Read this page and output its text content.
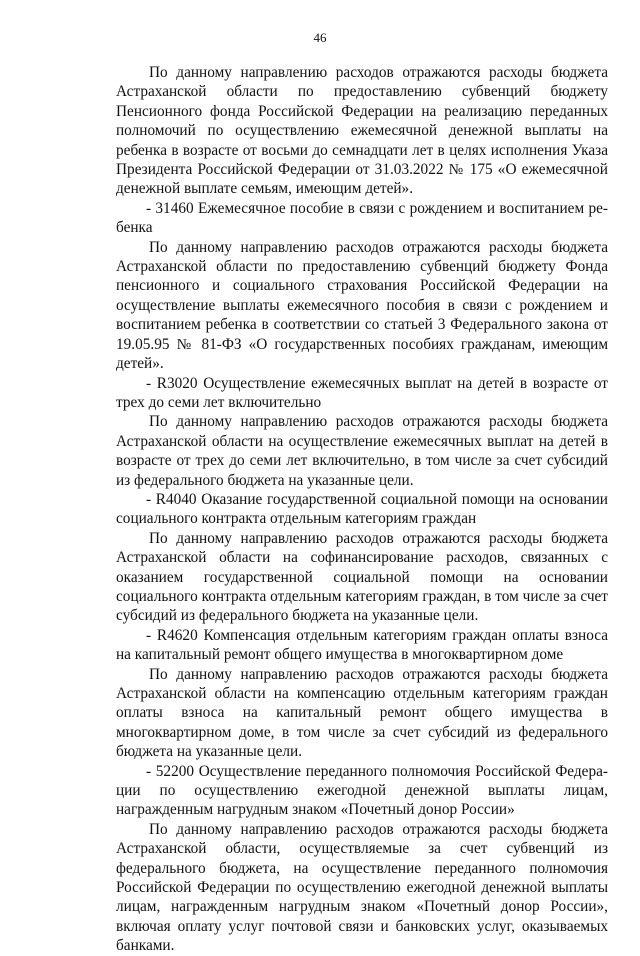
46

По данному направлению расходов отражаются расходы бюджета Астраханской области по предоставлению субвенций бюджету Пенсионного фонда Российской Федерации на реализацию переданных полномочий по осуществлению ежемесячной денежной выплаты на ребенка в возрасте от восьми до семнадцати лет в целях исполнения Указа Президента Российской Федерации от 31.03.2022 № 175 «О ежемесячной денежной выплате семьям, имеющим детей».

- 31460 Ежемесячное пособие в связи с рождением и воспитанием ребенка

По данному направлению расходов отражаются расходы бюджета Астраханской области по предоставлению субвенций бюджету Фонда пенсионного и социального страхования Российской Федерации на осуществление выплаты ежемесячного пособия в связи с рождением и воспитанием ребенка в соответствии со статьей 3 Федерального закона от 19.05.95 № 81-ФЗ «О государственных пособиях гражданам, имеющим детей».

- R3020 Осуществление ежемесячных выплат на детей в возрасте от трех до семи лет включительно

По данному направлению расходов отражаются расходы бюджета Астраханской области на осуществление ежемесячных выплат на детей в возрасте от трех до семи лет включительно, в том числе за счет субсидий из федерального бюджета на указанные цели.

- R4040 Оказание государственной социальной помощи на основании социального контракта отдельным категориям граждан

По данному направлению расходов отражаются расходы бюджета Астраханской области на софинансирование расходов, связанных с оказанием государственной социальной помощи на основании социального контракта отдельным категориям граждан, в том числе за счет субсидий из федерального бюджета на указанные цели.

- R4620 Компенсация отдельным категориям граждан оплаты взноса на капитальный ремонт общего имущества в многоквартирном доме

По данному направлению расходов отражаются расходы бюджета Астраханской области на компенсацию отдельным категориям граждан оплаты взноса на капитальный ремонт общего имущества в многоквартирном доме, в том числе за счет субсидий из федерального бюджета на указанные цели.

- 52200 Осуществление переданного полномочия Российской Федерации по осуществлению ежегодной денежной выплаты лицам, награжденным нагрудным знаком «Почетный донор России»

По данному направлению расходов отражаются расходы бюджета Астраханской области, осуществляемые за счет субвенций из федерального бюджета, на осуществление переданного полномочия Российской Федерации по осуществлению ежегодной денежной выплаты лицам, награжденным нагрудным знаком «Почетный донор России», включая оплату услуг почтовой связи и банковских услуг, оказываемых банками.
